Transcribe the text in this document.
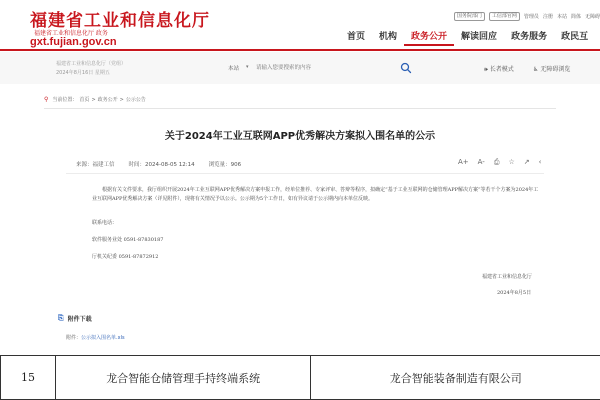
福建省工业和信息化厅
福建省工业和信息化厅 政务
gxt.fujian.gov.cn
国务院部门	工信部官网	管理员 注册 本站 简体 无障碍
首页	机构	政务公开	解读回应	政务服务	政民互
福建省工业和信息化厅（党组）
2024年8月16日 星期五
本站 ▾
请输入您要搜索的内容	🕪 长者模式	♿ 无障碍浏览
⚲ 当前位置： 首页 > 政务公开 > 公示公告
关于2024年工业互联网APP优秀解决方案拟入围名单的公示
来源：福建工信	时间：2024-08-05 12:14	浏览量：906	A+ A- ⎙ ☆ ↗ ‹
根据有关文件要求，我厅组织开展2024年工业互联网APP优秀解决方案申报工作，经单位推荐、专家评审、答辩等程序，拟确定“基于工业互联网的仓储管理APP解决方案”等若干个方案为2024年工业互联网APP优秀解决方案（详见附件），现将有关情况予以公示。公示期为5个工作日，如有异议请于公示期内向本单位反映。
联系电话：
软件服务业处 0591-87830187
厅机关纪委 0591-87872912
福建省工业和信息化厅
2024年8月5日
⎘ 附件下载
附件：公示拟入围名单.xls
15	龙合智能仓储管理手持终端系统	龙合智能装备制造有限公司
